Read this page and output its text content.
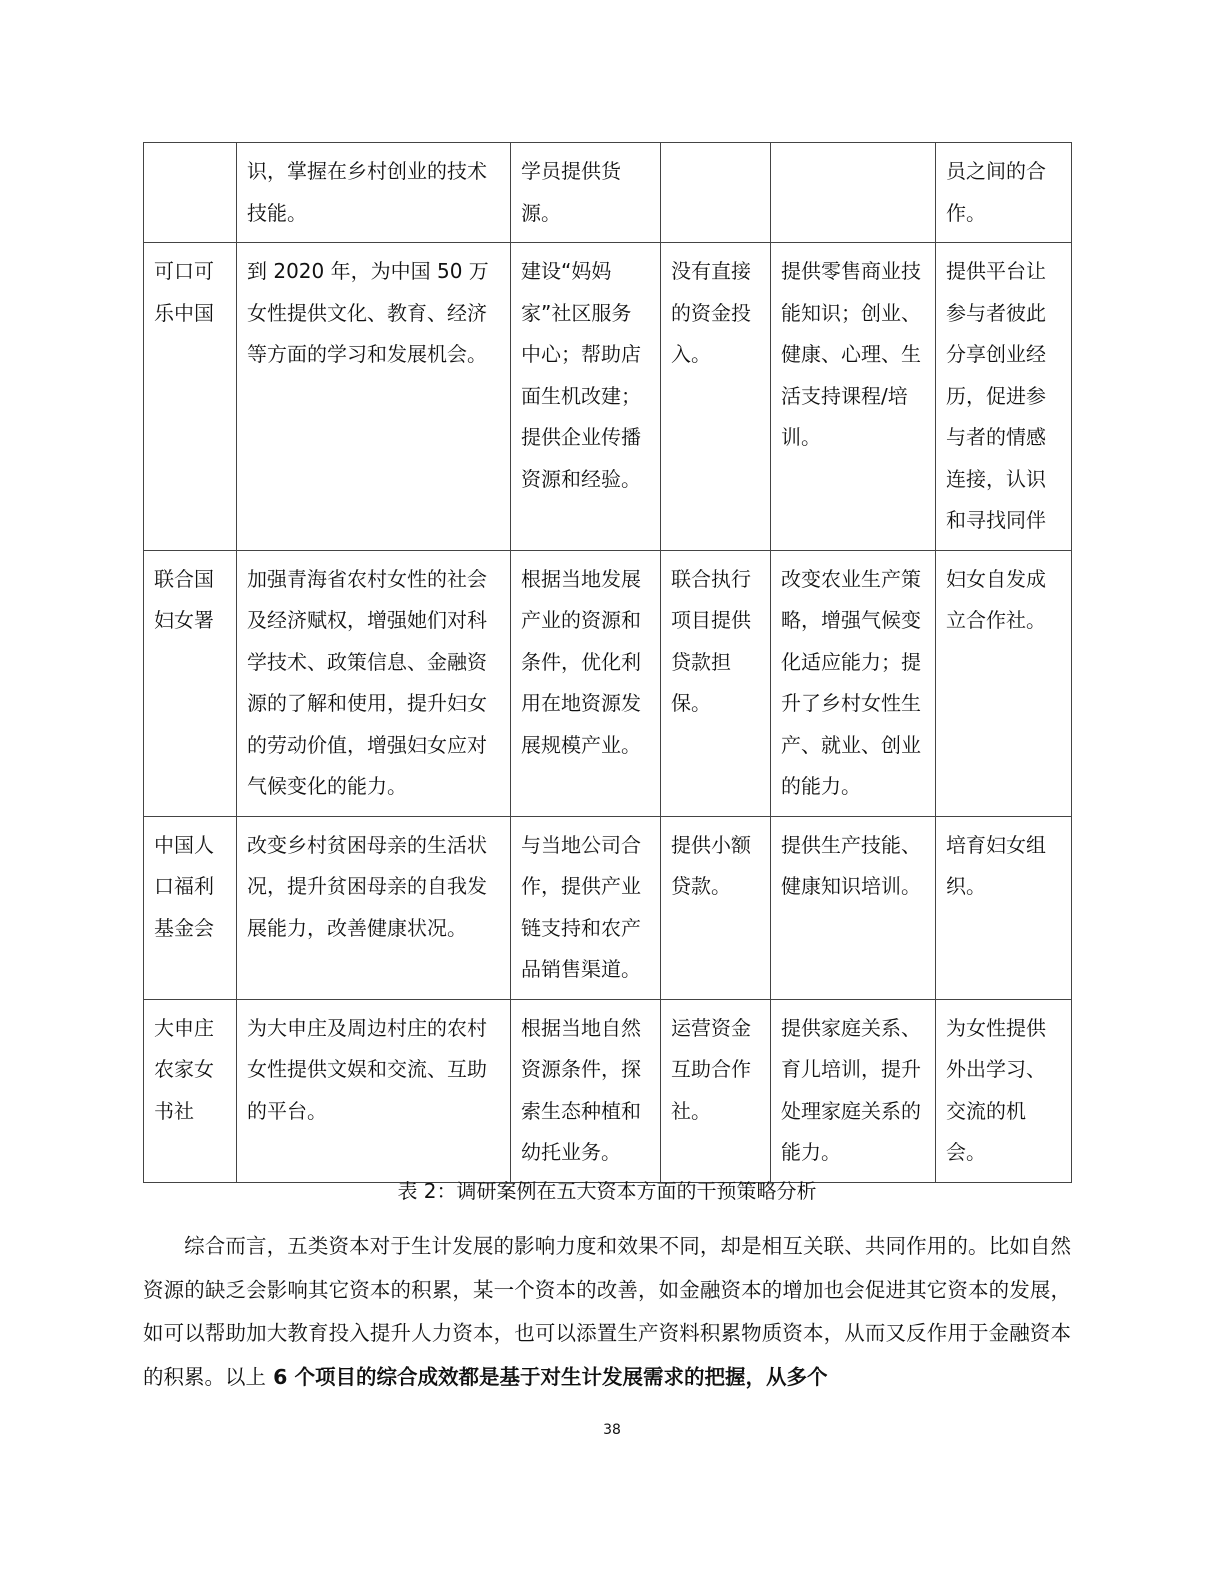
	识，掌握在乡村创业的技术技能。	学员提供货源。			员之间的合作。
可口可乐中国	到 2020 年，为中国 50 万女性提供文化、教育、经济等方面的学习和发展机会。	建设“妈妈家”社区服务中心；帮助店面生机改建；提供企业传播资源和经验。	没有直接的资金投入。	提供零售商业技能知识；创业、健康、心理、生活支持课程/培训。	提供平台让参与者彼此分享创业经历，促进参与者的情感连接，认识和寻找同伴
联合国妇女署	加强青海省农村女性的社会及经济赋权，增强她们对科学技术、政策信息、金融资源的了解和使用，提升妇女的劳动价值，增强妇女应对气候变化的能力。	根据当地发展产业的资源和条件，优化利用在地资源发展规模产业。	联合执行项目提供贷款担保。	改变农业生产策略，增强气候变化适应能力；提升了乡村女性生产、就业、创业的能力。	妇女自发成立合作社。
中国人口福利基金会	改变乡村贫困母亲的生活状况，提升贫困母亲的自我发展能力，改善健康状况。	与当地公司合作，提供产业链支持和农产品销售渠道。	提供小额贷款。	提供生产技能、健康知识培训。	培育妇女组织。
大申庄农家女书社	为大申庄及周边村庄的农村女性提供文娱和交流、互助的平台。	根据当地自然资源条件，探索生态种植和幼托业务。	运营资金互助合作社。	提供家庭关系、育儿培训，提升处理家庭关系的能力。	为女性提供外出学习、交流的机会。
表 2：调研案例在五大资本方面的干预策略分析

综合而言，五类资本对于生计发展的影响力度和效果不同，却是相互关联、共同作用的。比如自然资源的缺乏会影响其它资本的积累，某一个资本的改善，如金融资本的增加也会促进其它资本的发展，如可以帮助加大教育投入提升人力资本，也可以添置生产资料积累物质资本，从而又反作用于金融资本的积累。以上 6 个项目的综合成效都是基于对生计发展需求的把握，从多个

38
